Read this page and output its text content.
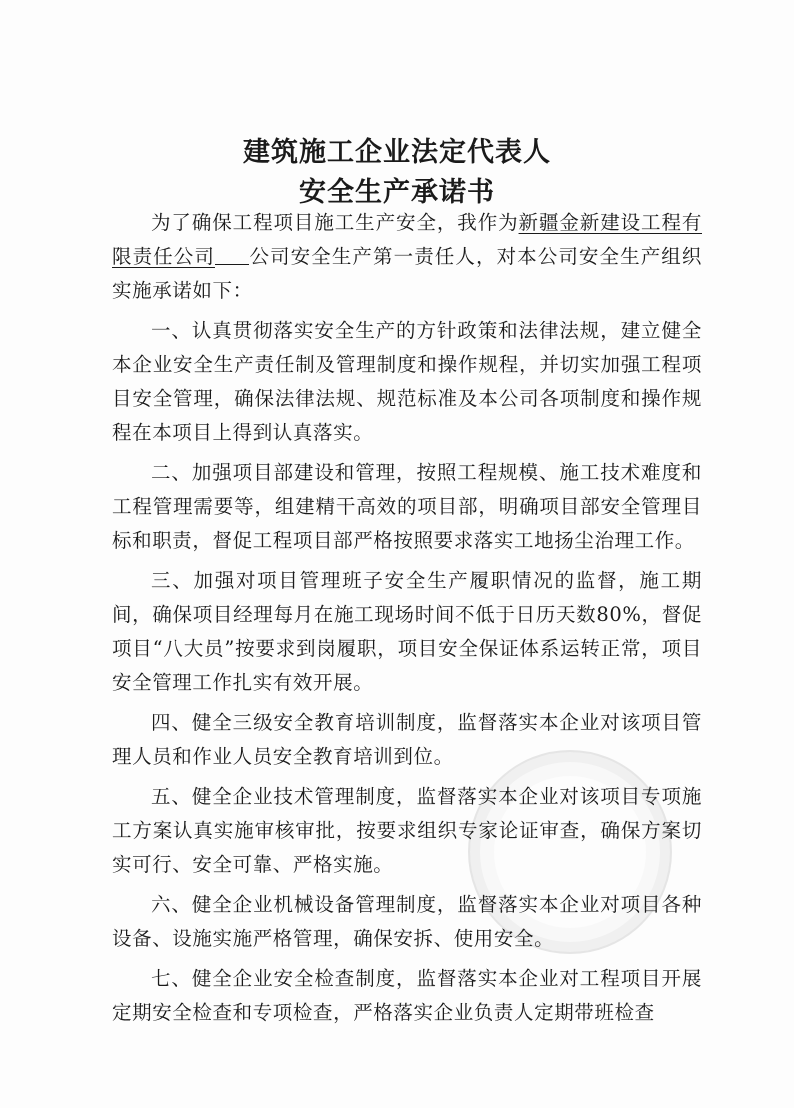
建筑施工企业法定代表人
安全生产承诺书

为了确保工程项目施工生产安全，我作为新疆金新建设工程有限责任公司 公司安全生产第一责任人，对本公司安全生产组织实施承诺如下：

一、认真贯彻落实安全生产的方针政策和法律法规，建立健全本企业安全生产责任制及管理制度和操作规程，并切实加强工程项目安全管理，确保法律法规、规范标准及本公司各项制度和操作规程在本项目上得到认真落实。

二、加强项目部建设和管理，按照工程规模、施工技术难度和工程管理需要等，组建精干高效的项目部，明确项目部安全管理目标和职责，督促工程项目部严格按照要求落实工地扬尘治理工作。

三、加强对项目管理班子安全生产履职情况的监督，施工期间，确保项目经理每月在施工现场时间不低于日历天数80%，督促项目“八大员”按要求到岗履职，项目安全保证体系运转正常，项目安全管理工作扎实有效开展。

四、健全三级安全教育培训制度，监督落实本企业对该项目管理人员和作业人员安全教育培训到位。

五、健全企业技术管理制度，监督落实本企业对该项目专项施工方案认真实施审核审批，按要求组织专家论证审查，确保方案切实可行、安全可靠、严格实施。

六、健全企业机械设备管理制度，监督落实本企业对项目各种设备、设施实施严格管理，确保安拆、使用安全。

七、健全企业安全检查制度，监督落实本企业对工程项目开展定期安全检查和专项检查，严格落实企业负责人定期带班检查
